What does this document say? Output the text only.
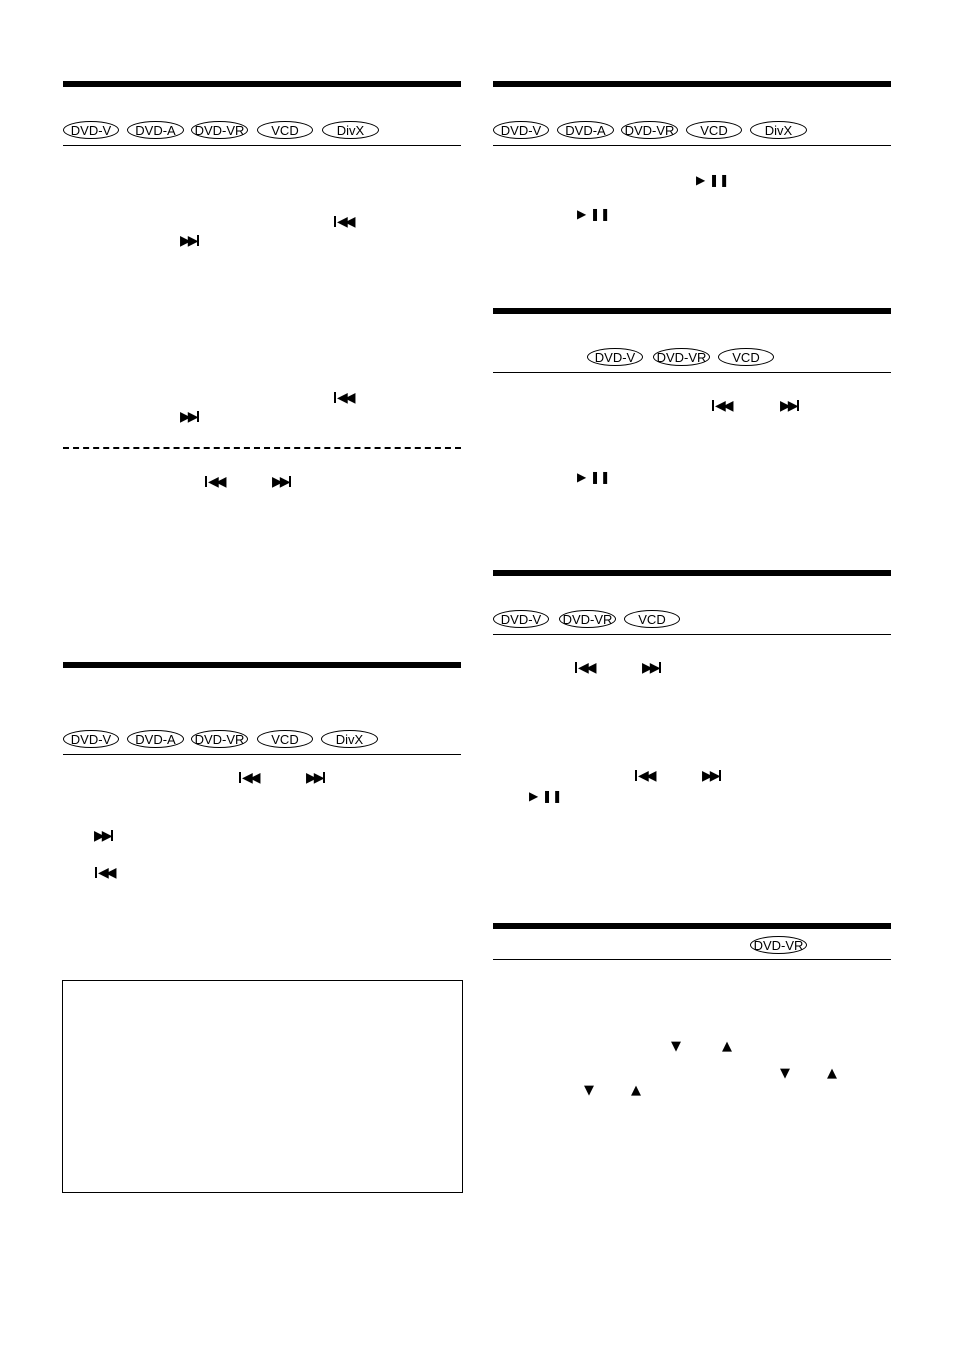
DVD-V	DVD-A	DVD-VR	VCD	DivX
◀◀
▶▶
◀◀
▶▶
◀◀	▶▶
DVD-V	DVD-A	DVD-VR	VCD	DivX
◀◀	▶▶
▶▶
◀◀
DVD-V	DVD-A	DVD-VR	VCD	DivX
▶ ❚❚
▶ ❚❚
DVD-V	DVD-VR	VCD
◀◀	▶▶
▶ ❚❚
DVD-V	DVD-VR	VCD
◀◀	▶▶
◀◀	▶▶
▶ ❚❚
DVD-VR
▼	▲
▼	▲
▼	▲
